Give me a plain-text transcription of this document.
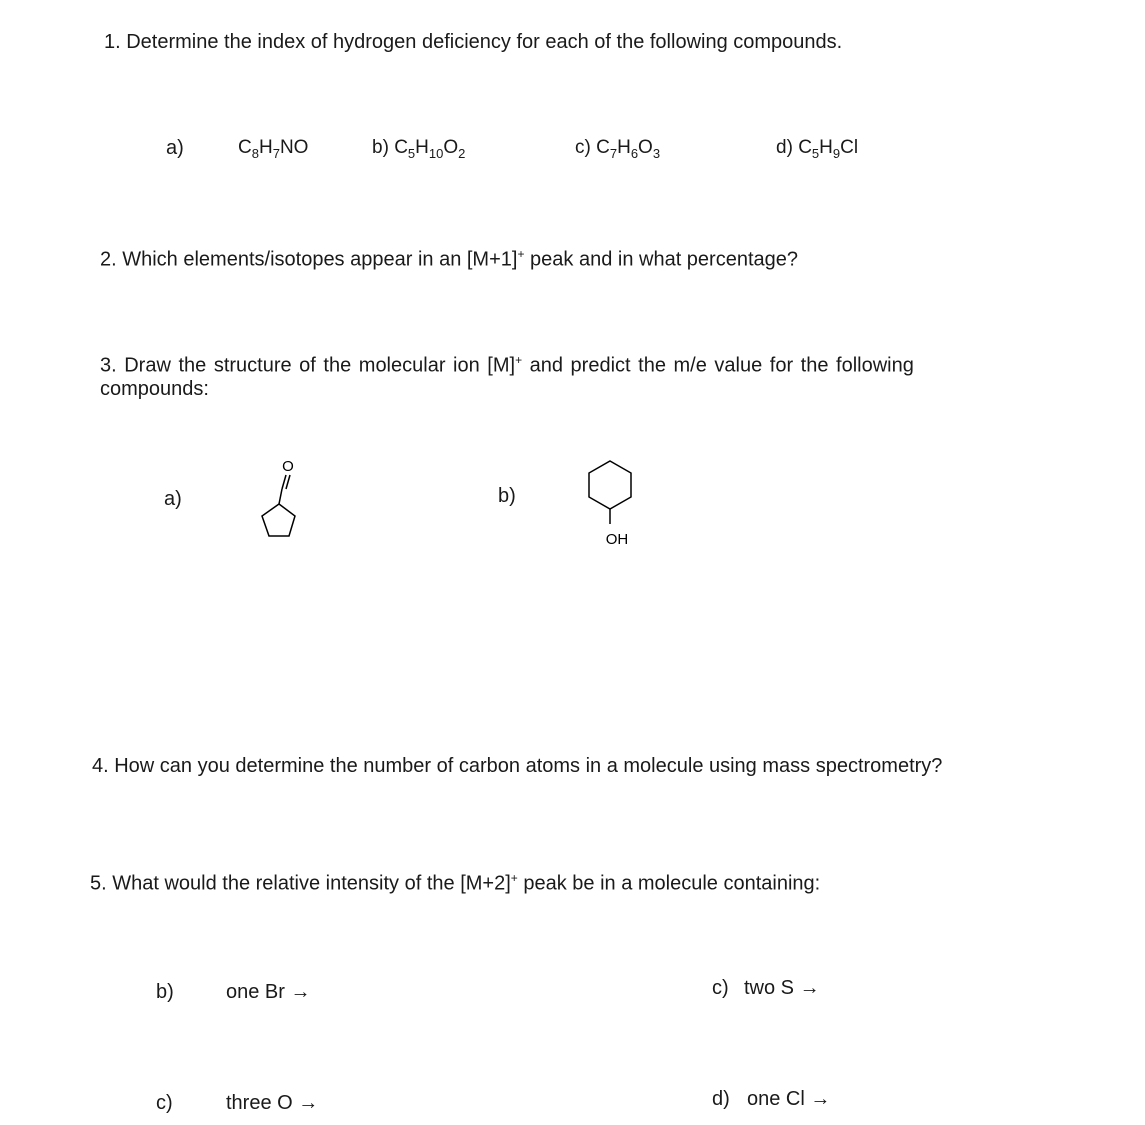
1. Determine the index of hydrogen deficiency for each of the following compounds.
a)	$C_8H_7NO$	b) $C_5H_{10}O_2$	c) $C_7H_6O_3$	d) $C_5H_9Cl$
2. Which elements/isotopes appear in an [M+1]+ peak and in what percentage?
3. Draw the structure of the molecular ion [M]+ and predict the m/e value for the following
compounds:
a)
O
b)
OH
4. How can you determine the number of carbon atoms in a molecule using mass spectrometry?
5. What would the relative intensity of the [M+2]+ peak be in a molecule containing:
b)	one Br →	c) two S →
c)	three O →	d) one Cl →
